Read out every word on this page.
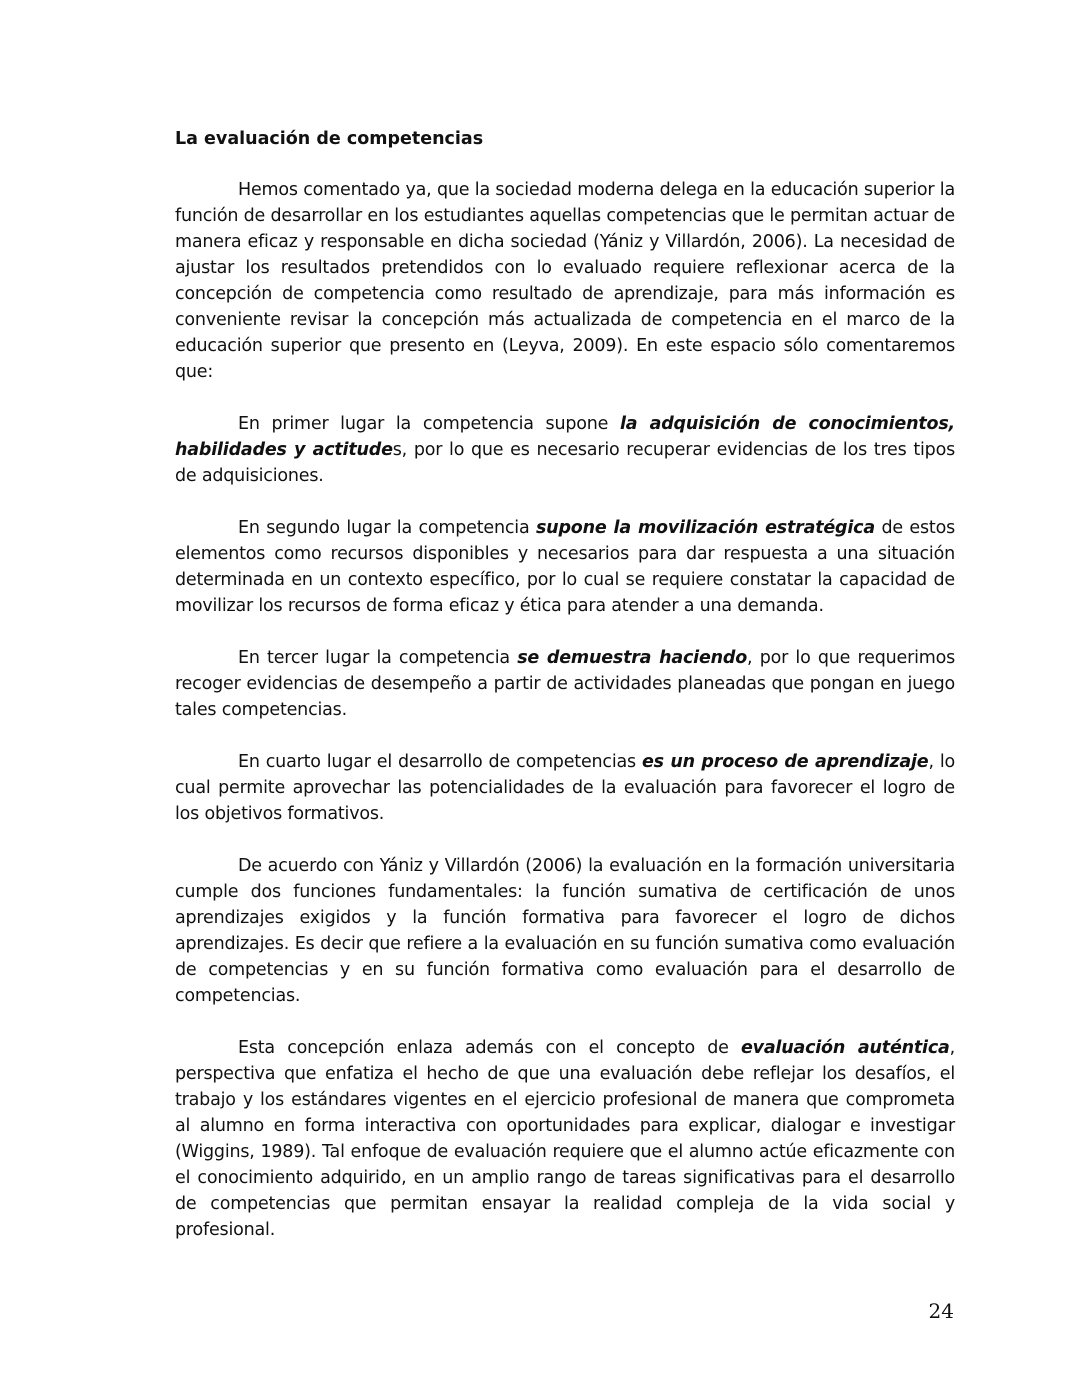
La evaluación de competencias

Hemos comentado ya, que la sociedad moderna delega en la educación superior la función de desarrollar en los estudiantes aquellas competencias que le permitan actuar de manera eficaz y responsable en dicha sociedad (Yániz y Villardón, 2006). La necesidad de ajustar los resultados pretendidos con lo evaluado requiere reflexionar acerca de la concepción de competencia como resultado de aprendizaje, para más información es conveniente revisar la concepción más actualizada de competencia en el marco de la educación superior que presento en (Leyva, 2009). En este espacio sólo comentaremos que:

En primer lugar la competencia supone la adquisición de conocimientos, habilidades y actitudes, por lo que es necesario recuperar evidencias de los tres tipos de adquisiciones.

En segundo lugar la competencia supone la movilización estratégica de estos elementos como recursos disponibles y necesarios para dar respuesta a una situación determinada en un contexto específico, por lo cual se requiere constatar la capacidad de movilizar los recursos de forma eficaz y ética para atender a una demanda.

En tercer lugar la competencia se demuestra haciendo, por lo que requerimos recoger evidencias de desempeño a partir de actividades planeadas que pongan en juego tales competencias.

En cuarto lugar el desarrollo de competencias es un proceso de aprendizaje, lo cual permite aprovechar las potencialidades de la evaluación para favorecer el logro de los objetivos formativos.

De acuerdo con Yániz y Villardón (2006) la evaluación en la formación universitaria cumple dos funciones fundamentales: la función sumativa de certificación de unos aprendizajes exigidos y la función formativa para favorecer el logro de dichos aprendizajes. Es decir que refiere a la evaluación en su función sumativa como evaluación de competencias y en su función formativa como evaluación para el desarrollo de competencias.

Esta concepción enlaza además con el concepto de evaluación auténtica, perspectiva que enfatiza el hecho de que una evaluación debe reflejar los desafíos, el trabajo y los estándares vigentes en el ejercicio profesional de manera que comprometa al alumno en forma interactiva con oportunidades para explicar, dialogar e investigar (Wiggins, 1989). Tal enfoque de evaluación requiere que el alumno actúe eficazmente con el conocimiento adquirido, en un amplio rango de tareas significativas para el desarrollo de competencias que permitan ensayar la realidad compleja de la vida social y profesional.

24
